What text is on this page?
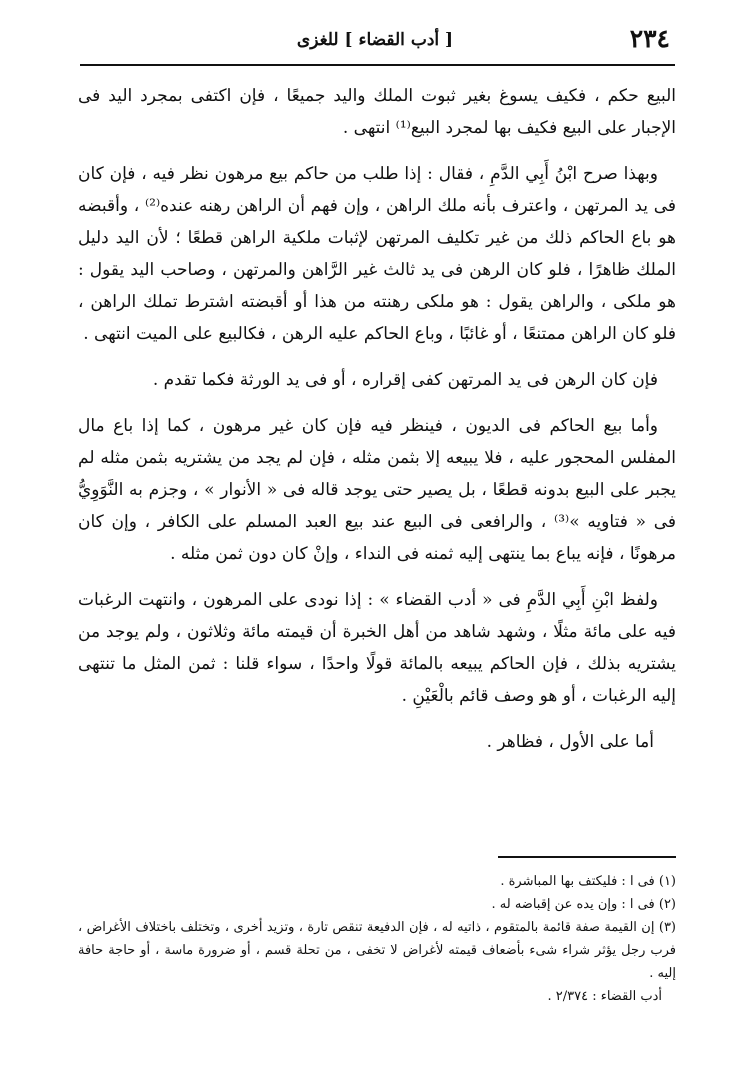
٢٣٤
[ أدب القضاء ] للغزى

البيع حكم ، فكيف يسوغ بغير ثبوت الملك واليد جميعًا ، فإن اكتفى بمجرد اليد فى الإجبار على البيع فكيف بها لمجرد البيع⁽¹⁾ انتهى .

وبهذا صرح ابْنُ أَبِي الدَّمِ ، فقال : إذا طلب من حاكم بيع مرهون نظر فيه ، فإن كان فى يد المرتهن ، واعترف بأنه ملك الراهن ، وإن فهم أن الراهن رهنه عنده⁽²⁾ ، وأقبضه هو باع الحاكم ذلك من غير تكليف المرتهن لإثبات ملكية الراهن قطعًا ؛ لأن اليد دليل الملك ظاهرًا ، فلو كان الرهن فى يد ثالث غير الرَّاهن والمرتهن ، وصاحب اليد يقول : هو ملكى ، والراهن يقول : هو ملكى رهنته من هذا أو أقبضته اشترط تملك الراهن ، فلو كان الراهن ممتنعًا ، أو غائبًا ، وباع الحاكم عليه الرهن ، فكالبيع على الميت انتهى .

فإن كان الرهن فى يد المرتهن كفى إقراره ، أو فى يد الورثة فكما تقدم .

وأما بيع الحاكم فى الديون ، فينظر فيه فإن كان غير مرهون ، كما إذا باع مال المفلس المحجور عليه ، فلا يبيعه إلا بثمن مثله ، فإن لم يجد من يشتريه بثمن مثله لم يجبر على البيع بدونه قطعًا ، بل يصير حتى يوجد قاله فى « الأنوار » ، وجزم به النَّوَوِيُّ فى « فتاويه »⁽³⁾ ، والرافعى فى البيع عند بيع العبد المسلم على الكافر ، وإن كان مرهونًا ، فإنه يباع بما ينتهى إليه ثمنه فى النداء ، وإنْ كان دون ثمن مثله .

ولفظ ابْنِ أَبِي الدَّمِ فى « أدب القضاء » : إذا نودى على المرهون ، وانتهت الرغبات فيه على مائة مثلًا ، وشهد شاهد من أهل الخبرة أن قيمته مائة وثلاثون ، ولم يوجد من يشتريه بذلك ، فإن الحاكم يبيعه بالمائة قولًا واحدًا ، سواء قلنا : ثمن المثل ما تنتهى إليه الرغبات ، أو هو وصف قائم بالْعَيْنِ .

أما على الأول ، فظاهر .

(١) فى ا : فليكتف بها المباشرة .

(٢) فى ا : وإن يده عن إقباضه له .

(٣) إن القيمة صفة قائمة بالمتقوم ، ذاتيه له ، فإن الدفيعة تنقص تارة ، وتزيد أخرى ، وتختلف باختلاف الأغراض ، فرب رجل يؤثر شراء شىء بأضعاف قيمته لأغراض لا تخفى ، من تحلة قسم ، أو ضرورة ماسة ، أو حاجة حافة إليه .

أدب القضاء : ٢/٣٧٤ .
